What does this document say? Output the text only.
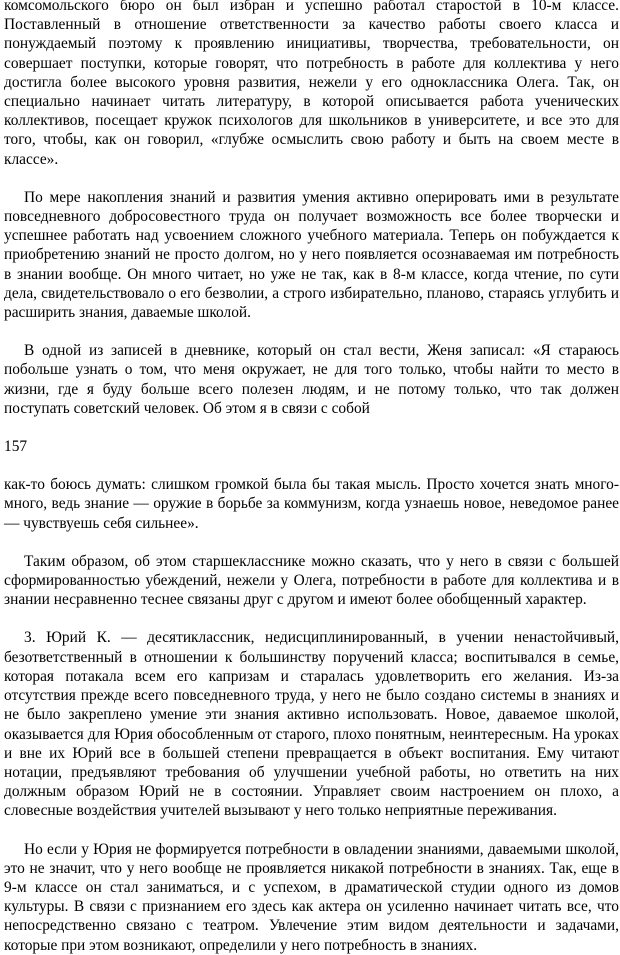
комсомольского бюро он был избран и успешно работал старостой в 10-м классе. Поставленный в отношение ответственности за качество работы своего класса и понуждаемый поэтому к проявлению инициативы, творчества, требовательности, он совершает поступки, которые говорят, что потребность в работе для коллектива у него достигла более высокого уровня развития, нежели у его одноклассника Олега. Так, он специально начинает читать литературу, в которой описывается работа ученических коллективов, посещает кружок психологов для школьников в университете, и все это для того, чтобы, как он говорил, «глубже осмыслить свою работу и быть на своем месте в классе».

По мере накопления знаний и развития умения активно оперировать ими в результате повседневного добросовестного труда он получает возможность все более творчески и успешнее работать над усвоением сложного учебного материала. Теперь он побуждается к приобретению знаний не просто долгом, но у него появляется осознаваемая им потребность в знании вообще. Он много читает, но уже не так, как в 8-м классе, когда чтение, по сути дела, свидетельствовало о его безволии, а строго избирательно, планово, стараясь углубить и расширить знания, даваемые школой.

В одной из записей в дневнике, который он стал вести, Женя записал: «Я стараюсь побольше узнать о том, что меня окружает, не для того только, чтобы найти то место в жизни, где я буду больше всего полезен людям, и не потому только, что так должен поступать советский человек. Об этом я в связи с собой

157

как-то боюсь думать: слишком громкой была бы такая мысль. Просто хочется знать много-много, ведь знание — оружие в борьбе за коммунизм, когда узнаешь новое, неведомое ранее — чувствуешь себя сильнее».

Таким образом, об этом старшекласснике можно сказать, что у него в связи с большей сформированностью убеждений, нежели у Олега, потребности в работе для коллектива и в знании несравненно теснее связаны друг с другом и имеют более обобщенный характер.

3. Юрий К. — десятиклассник, недисциплинированный, в учении ненастойчивый, безответственный в отношении к большинству поручений класса; воспитывался в семье, которая потакала всем его капризам и старалась удовлетворить его желания. Из-за отсутствия прежде всего повседневного труда, у него не было создано системы в знаниях и не было закреплено умение эти знания активно использовать. Новое, даваемое школой, оказывается для Юрия обособленным от старого, плохо понятным, неинтересным. На уроках и вне их Юрий все в большей степени превращается в объект воспитания. Ему читают нотации, предъявляют требования об улучшении учебной работы, но ответить на них должным образом Юрий не в состоянии. Управляет своим настроением он плохо, а словесные воздействия учителей вызывают у него только неприятные переживания.

Но если у Юрия не формируется потребности в овладении знаниями, даваемыми школой, это не значит, что у него вообще не проявляется никакой потребности в знаниях. Так, еще в 9-м классе он стал заниматься, и с успехом, в драматической студии одного из домов культуры. В связи с признанием его здесь как актера он усиленно начинает читать все, что непосредственно связано с театром. Увлечение этим видом деятельности и задачами, которые при этом возникают, определили у него потребность в знаниях.
